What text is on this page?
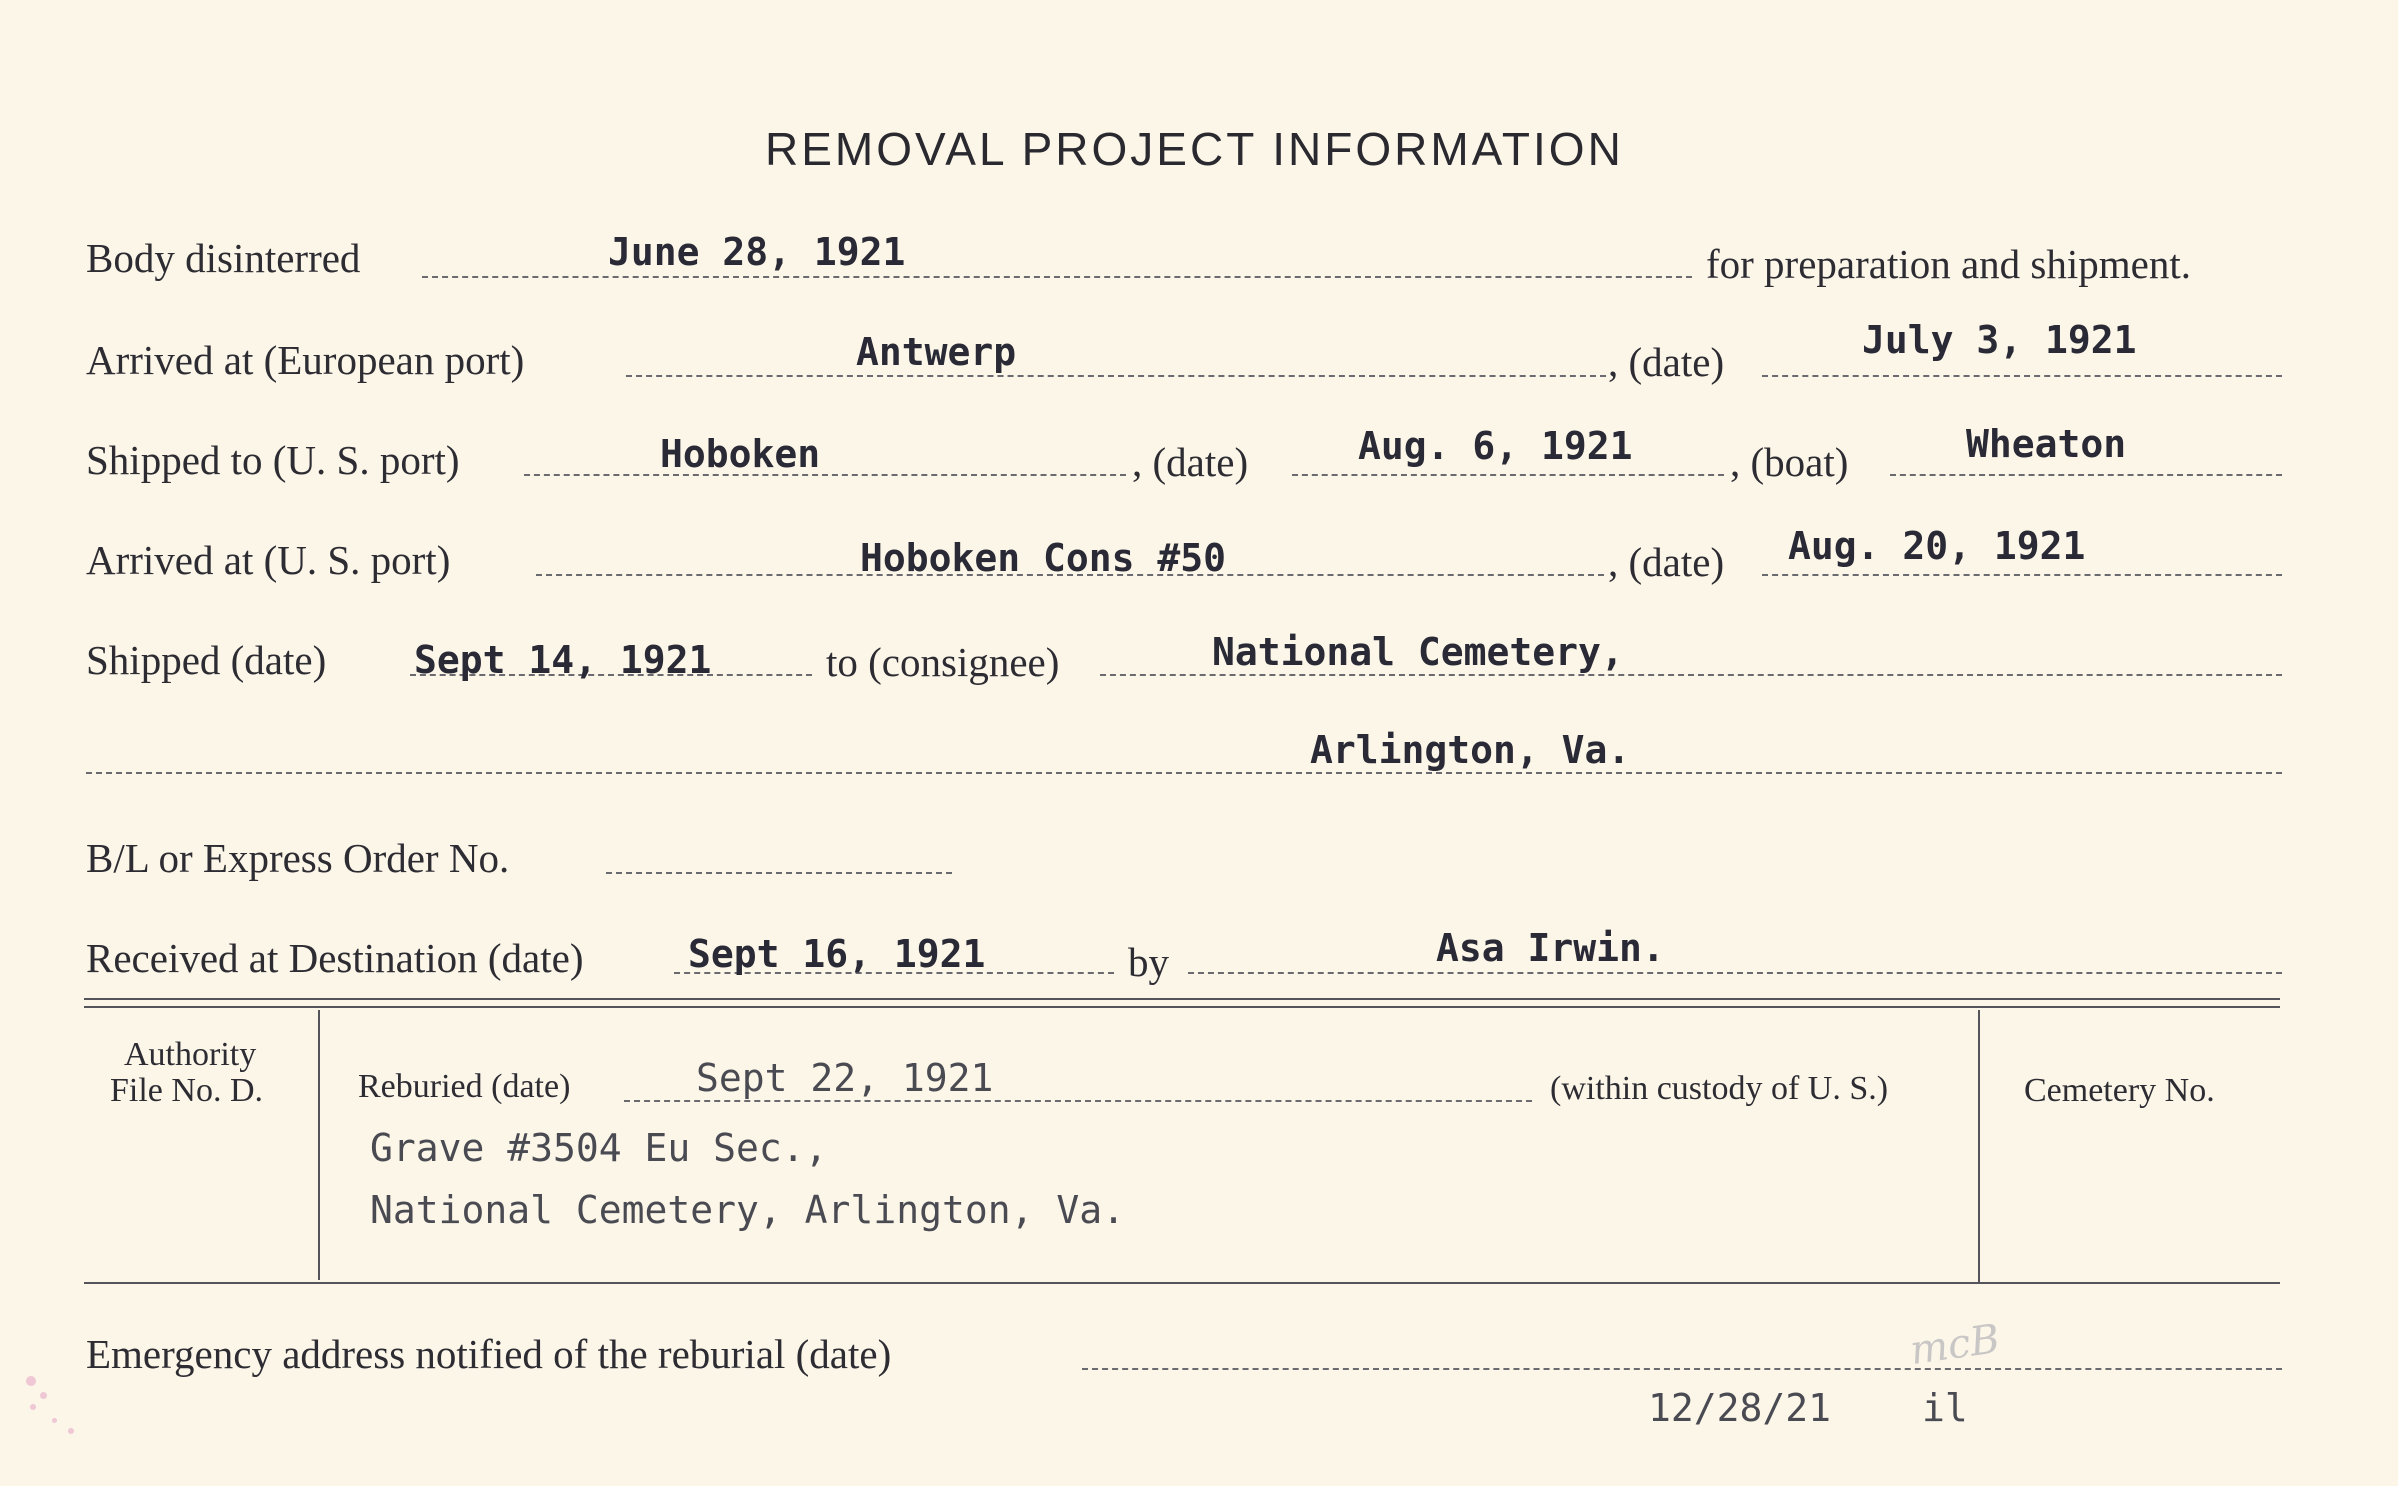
REMOVAL PROJECT INFORMATION
Body disinterred	June 28, 1921	for preparation and shipment.
Arrived at (European port)	Antwerp	, (date)	July 3, 1921
Shipped to (U. S. port)	Hoboken	, (date)	Aug. 6, 1921 , (boat)	Wheaton
Arrived at (U. S. port)	Hoboken Cons #50	, (date) Aug. 20, 1921
Shipped (date) Sept 14, 1921	to (consignee)	National Cemetery,
Arlington, Va.
B/L or Express Order No.
Received at Destination (date)	Sept 16, 1921	by	Asa Irwin.
Authority
File No. D.	Reburied (date)	Sept 22, 1921	(within custody of U. S.)
Grave #3504 Eu Sec.,
National Cemetery, Arlington, Va.
Cemetery No.
Emergency address notified of the reburial (date)	mcB
12/28/21 il
